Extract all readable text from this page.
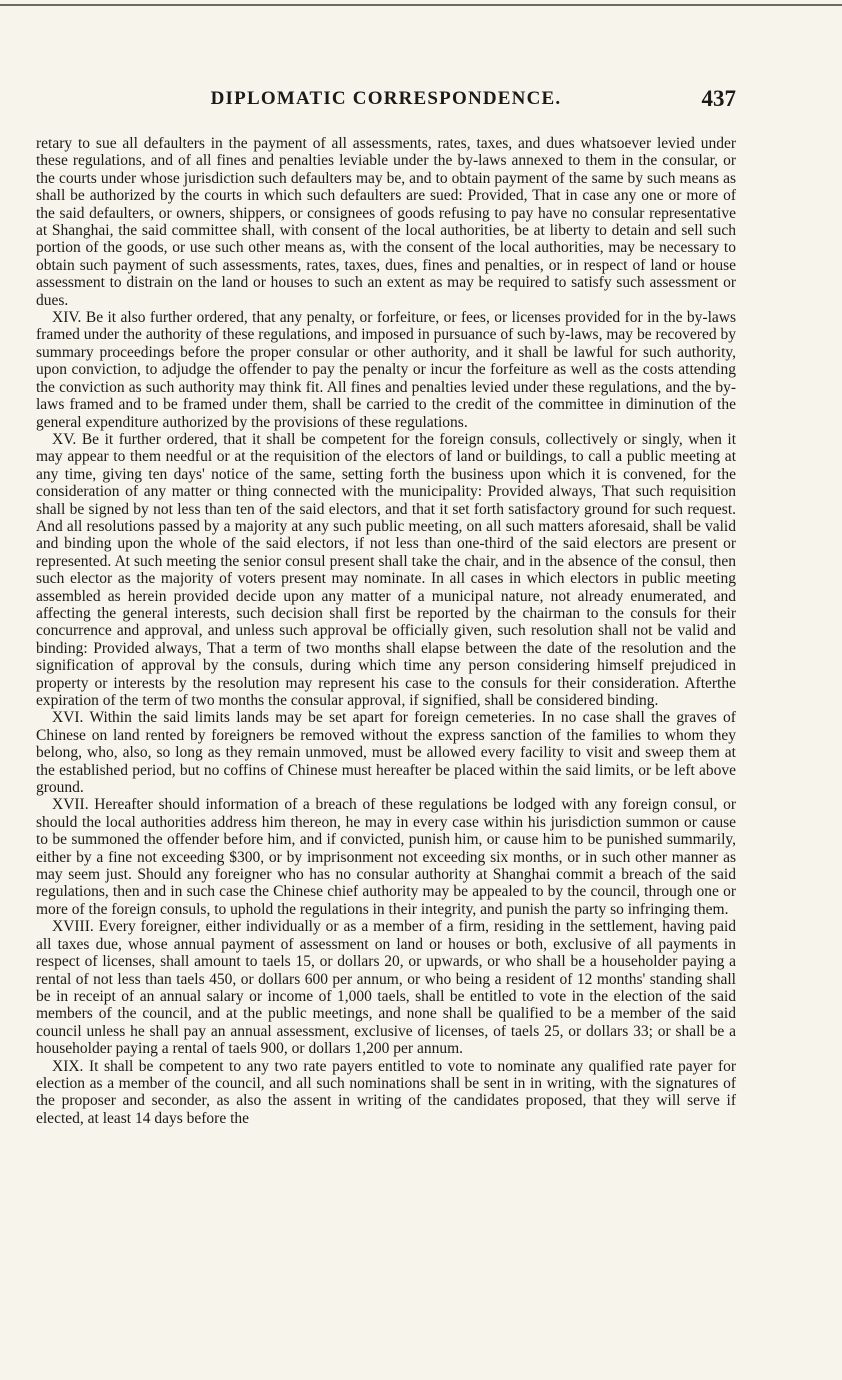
DIPLOMATIC CORRESPONDENCE.	437

retary to sue all defaulters in the payment of all assessments, rates, taxes, and dues whatsoever levied under these regulations, and of all fines and penalties leviable under the by-laws annexed to them in the consular, or the courts under whose jurisdiction such defaulters may be, and to obtain payment of the same by such means as shall be authorized by the courts in which such defaulters are sued: Provided, That in case any one or more of the said defaulters, or owners, shippers, or consignees of goods refusing to pay have no consular representative at Shanghai, the said committee shall, with consent of the local authorities, be at liberty to detain and sell such portion of the goods, or use such other means as, with the consent of the local authorities, may be necessary to obtain such payment of such assessments, rates, taxes, dues, fines and penalties, or in respect of land or house assessment to distrain on the land or houses to such an extent as may be required to satisfy such assessment or dues.

XIV. Be it also further ordered, that any penalty, or forfeiture, or fees, or licenses provided for in the by-laws framed under the authority of these regulations, and imposed in pursuance of such by-laws, may be recovered by summary proceedings before the proper consular or other authority, and it shall be lawful for such authority, upon conviction, to adjudge the offender to pay the penalty or incur the forfeiture as well as the costs attending the conviction as such authority may think fit. All fines and penalties levied under these regulations, and the by-laws framed and to be framed under them, shall be carried to the credit of the committee in diminution of the general expenditure authorized by the provisions of these regulations.

XV. Be it further ordered, that it shall be competent for the foreign consuls, collectively or singly, when it may appear to them needful or at the requisition of the electors of land or buildings, to call a public meeting at any time, giving ten days' notice of the same, setting forth the business upon which it is convened, for the consideration of any matter or thing connected with the municipality: Provided always, That such requisition shall be signed by not less than ten of the said electors, and that it set forth satisfactory ground for such request. And all resolutions passed by a majority at any such public meeting, on all such matters aforesaid, shall be valid and binding upon the whole of the said electors, if not less than one-third of the said electors are present or represented. At such meeting the senior consul present shall take the chair, and in the absence of the consul, then such elector as the majority of voters present may nominate. In all cases in which electors in public meeting assembled as herein provided decide upon any matter of a municipal nature, not already enumerated, and affecting the general interests, such decision shall first be reported by the chairman to the consuls for their concurrence and approval, and unless such approval be officially given, such resolution shall not be valid and binding: Provided always, That a term of two months shall elapse between the date of the resolution and the signification of approval by the consuls, during which time any person considering himself prejudiced in property or interests by the resolution may represent his case to the consuls for their consideration. Afterthe expiration of the term of two months the consular approval, if signified, shall be considered binding.

XVI. Within the said limits lands may be set apart for foreign cemeteries. In no case shall the graves of Chinese on land rented by foreigners be removed without the express sanction of the families to whom they belong, who, also, so long as they remain unmoved, must be allowed every facility to visit and sweep them at the established period, but no coffins of Chinese must hereafter be placed within the said limits, or be left above ground.

XVII. Hereafter should information of a breach of these regulations be lodged with any foreign consul, or should the local authorities address him thereon, he may in every case within his jurisdiction summon or cause to be summoned the offender before him, and if convicted, punish him, or cause him to be punished summarily, either by a fine not exceeding $300, or by imprisonment not exceeding six months, or in such other manner as may seem just. Should any foreigner who has no consular authority at Shanghai commit a breach of the said regulations, then and in such case the Chinese chief authority may be appealed to by the council, through one or more of the foreign consuls, to uphold the regulations in their integrity, and punish the party so infringing them.

XVIII. Every foreigner, either individually or as a member of a firm, residing in the settlement, having paid all taxes due, whose annual payment of assessment on land or houses or both, exclusive of all payments in respect of licenses, shall amount to taels 15, or dollars 20, or upwards, or who shall be a householder paying a rental of not less than taels 450, or dollars 600 per annum, or who being a resident of 12 months' standing shall be in receipt of an annual salary or income of 1,000 taels, shall be entitled to vote in the election of the said members of the council, and at the public meetings, and none shall be qualified to be a member of the said council unless he shall pay an annual assessment, exclusive of licenses, of taels 25, or dollars 33; or shall be a householder paying a rental of taels 900, or dollars 1,200 per annum.

XIX. It shall be competent to any two rate payers entitled to vote to nominate any qualified rate payer for election as a member of the council, and all such nominations shall be sent in in writing, with the signatures of the proposer and seconder, as also the assent in writing of the candidates proposed, that they will serve if elected, at least 14 days before the
